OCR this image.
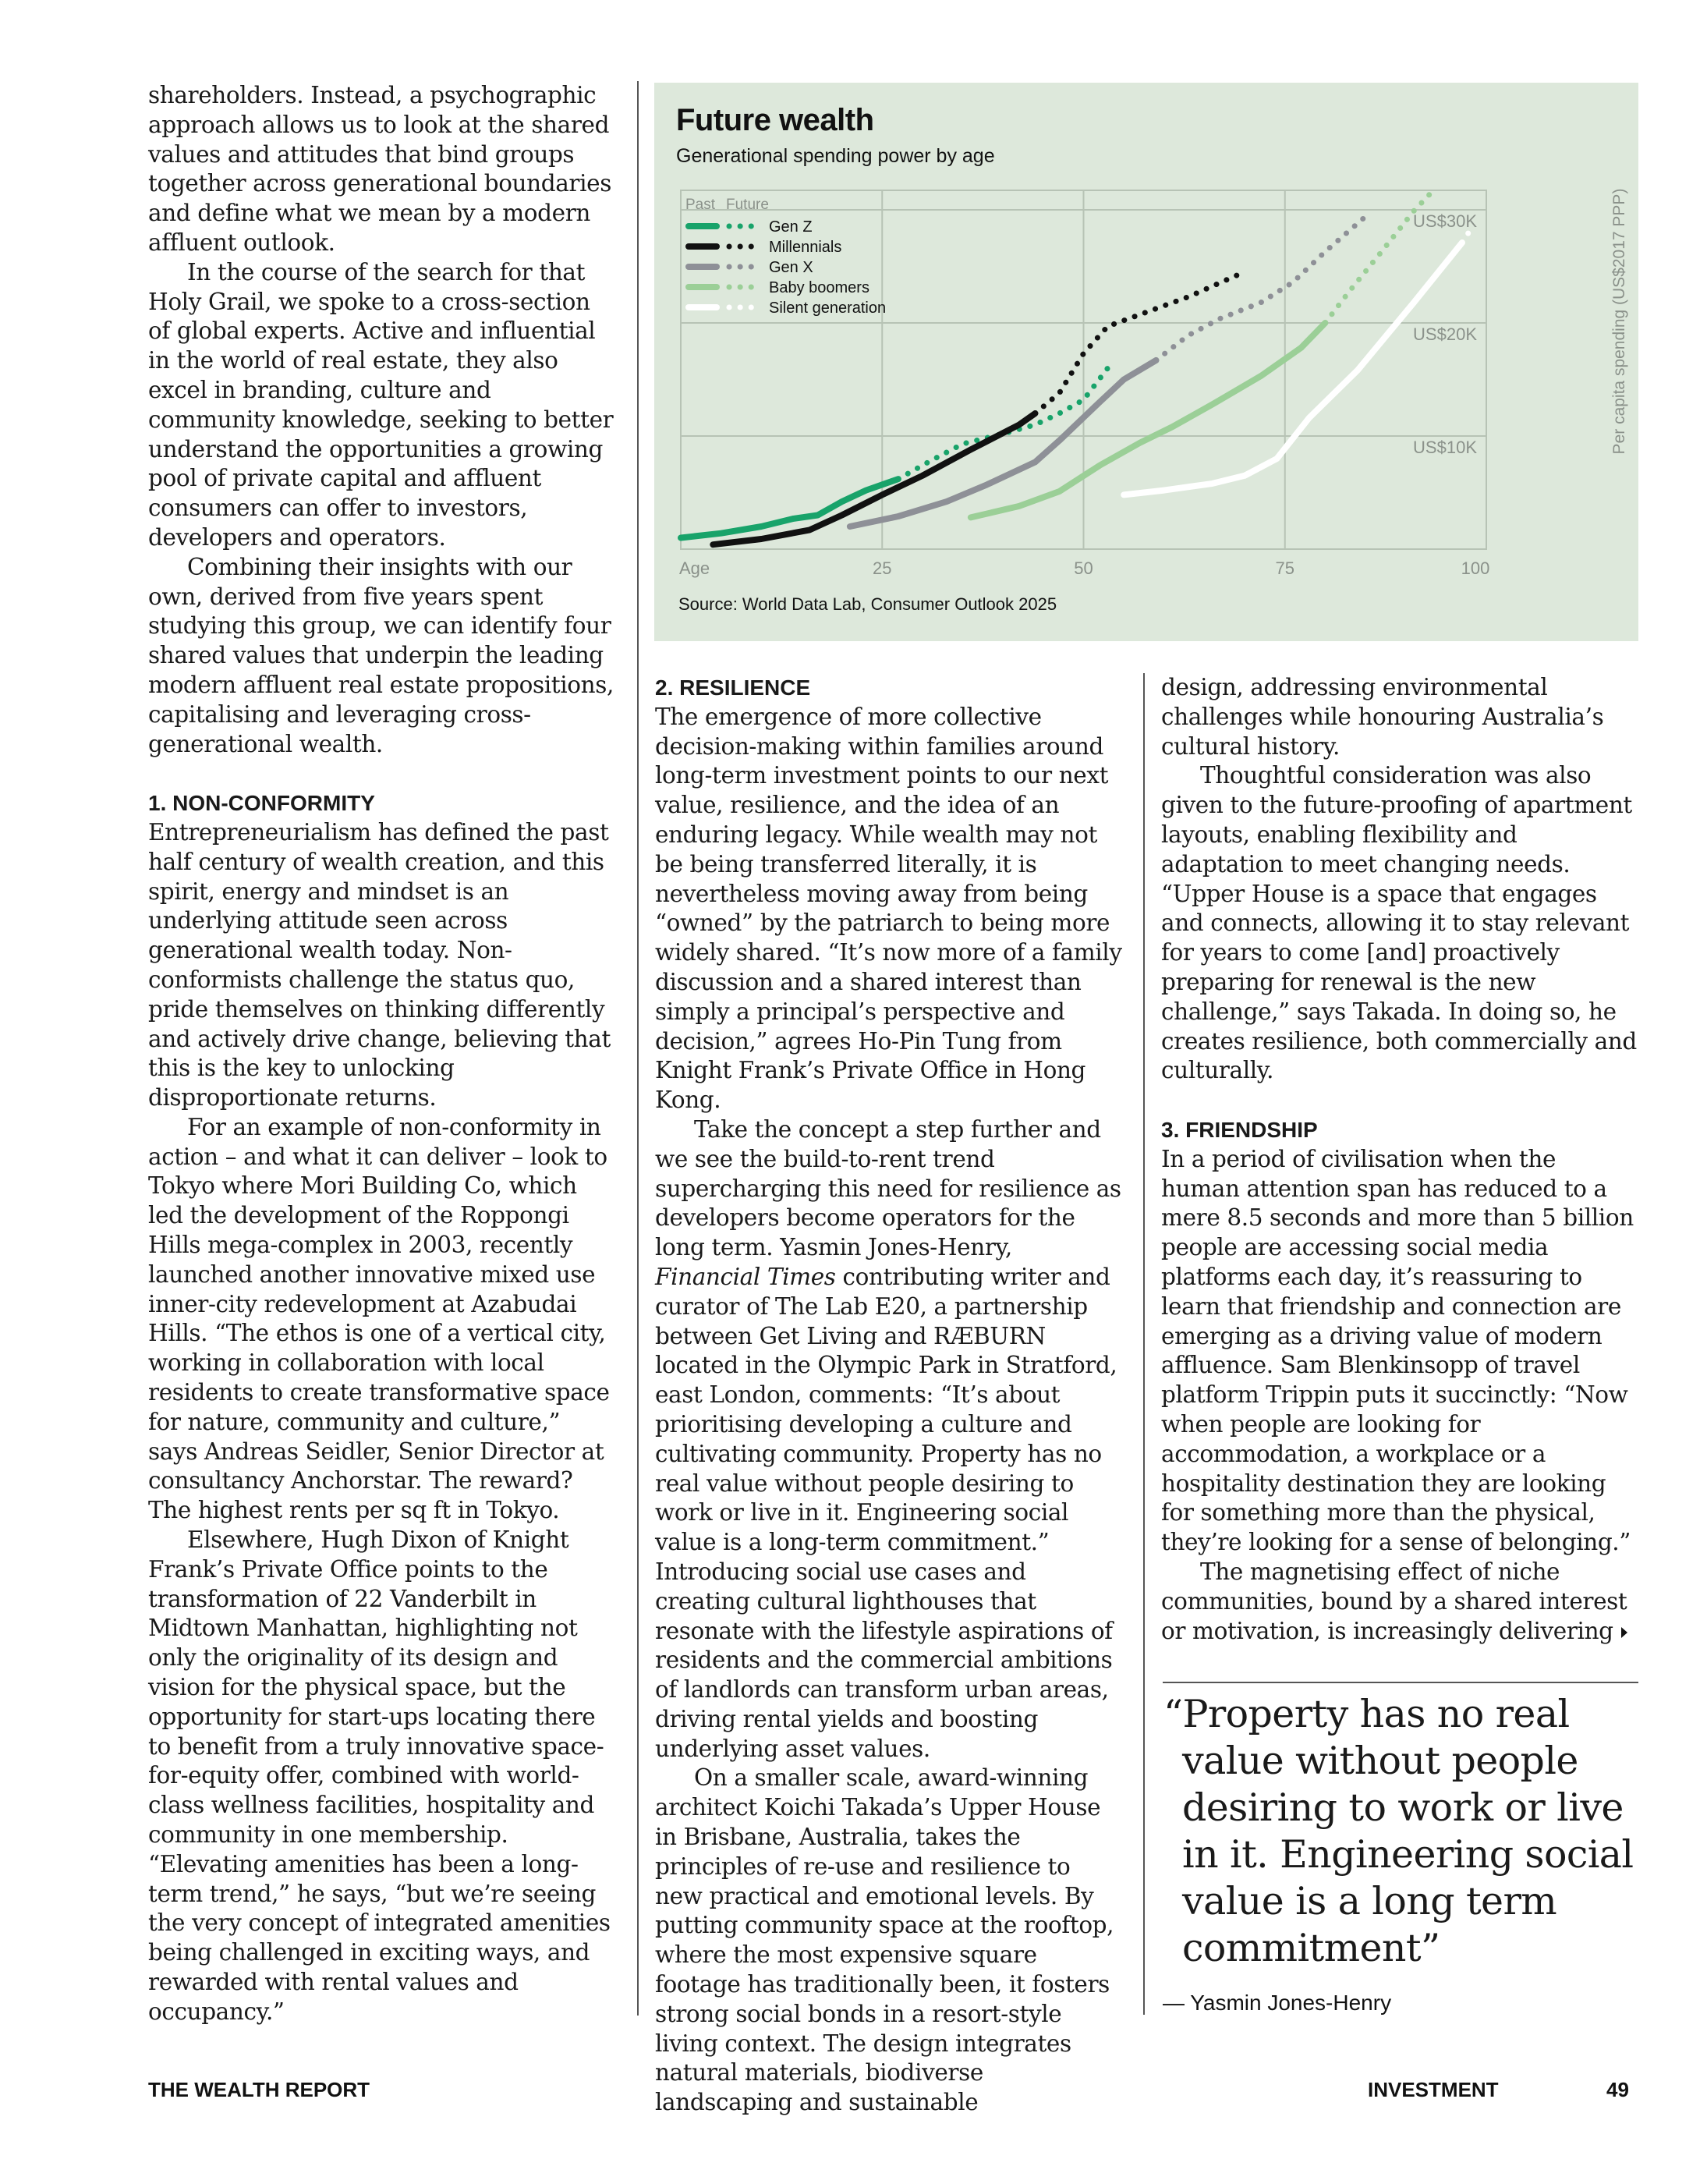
shareholders. Instead, a psychographic approach allows us to look at the shared values and attitudes that bind groups together across generational boundaries and define what we mean by a modern affluent outlook.

In the course of the search for that Holy Grail, we spoke to a cross-section of global experts. Active and influential in the world of real estate, they also excel in branding, culture and community knowledge, seeking to better understand the opportunities a growing pool of private capital and affluent consumers can offer to investors, developers and operators.

Combining their insights with our own, derived from five years spent studying this group, we can identify four shared values that underpin the leading modern affluent real estate propositions, capitalising and leveraging cross-generational wealth.

1. NON-CONFORMITY

Entrepreneurialism has defined the past half century of wealth creation, and this spirit, energy and mindset is an underlying attitude seen across generational wealth today. Non-conformists challenge the status quo, pride themselves on thinking differently and actively drive change, believing that this is the key to unlocking disproportionate returns.

For an example of non-conformity in action – and what it can deliver – look to Tokyo where Mori Building Co, which led the development of the Roppongi Hills mega-complex in 2003, recently launched another innovative mixed use inner-city redevelopment at Azabudai Hills. “The ethos is one of a vertical city, working in collaboration with local residents to create transformative space for nature, community and culture,” says Andreas Seidler, Senior Director at consultancy Anchorstar. The reward? The highest rents per sq ft in Tokyo.

Elsewhere, Hugh Dixon of Knight Frank’s Private Office points to the transformation of 22 Vanderbilt in Midtown Manhattan, highlighting not only the originality of its design and vision for the physical space, but the opportunity for start-ups locating there to benefit from a truly innovative space-for-equity offer, combined with world-class wellness facilities, hospitality and community in one membership. “Elevating amenities has been a long-term trend,” he says, “but we’re seeing the very concept of integrated amenities being challenged in exciting ways, and rewarded with rental values and occupancy.”

Age	25	50	75	100
US$10K
US$20K
US$30K	Per capita spending (US$2017 PPP)
Past Future
Gen Z
Millennials
Gen X
Baby boomers
Silent generation
Future wealth
Generational spending power by age
Source: World Data Lab, Consumer Outlook 2025
2. RESILIENCE

The emergence of more collective decision-making within families around long-term investment points to our next value, resilience, and the idea of an enduring legacy. While wealth may not be being transferred literally, it is nevertheless moving away from being “owned” by the patriarch to being more widely shared. “It’s now more of a family discussion and a shared interest than simply a principal’s perspective and decision,” agrees Ho-Pin Tung from Knight Frank’s Private Office in Hong Kong.

Take the concept a step further and we see the build-to-rent trend supercharging this need for resilience as developers become operators for the long term. Yasmin Jones-Henry, Financial Times contributing writer and curator of The Lab E20, a partnership between Get Living and RÆBURN located in the Olympic Park in Stratford, east London, comments: “It’s about prioritising developing a culture and cultivating community. Property has no real value without people desiring to work or live in it. Engineering social value is a long-term commitment.” Introducing social use cases and creating cultural lighthouses that resonate with the lifestyle aspirations of residents and the commercial ambitions of landlords can transform urban areas, driving rental yields and boosting underlying asset values.

On a smaller scale, award-winning architect Koichi Takada’s Upper House in Brisbane, Australia, takes the principles of re-use and resilience to new practical and emotional levels. By putting community space at the rooftop, where the most expensive square footage has traditionally been, it fosters strong social bonds in a resort-style living context. The design integrates natural materials, biodiverse landscaping and sustainable

design, addressing environmental challenges while honouring Australia’s cultural history.

Thoughtful consideration was also given to the future-proofing of apartment layouts, enabling flexibility and adaptation to meet changing needs. “Upper House is a space that engages and connects, allowing it to stay relevant for years to come [and] proactively preparing for renewal is the new challenge,” says Takada. In doing so, he creates resilience, both commercially and culturally.

3. FRIENDSHIP

In a period of civilisation when the human attention span has reduced to a mere 8.5 seconds and more than 5 billion people are accessing social media platforms each day, it’s reassuring to learn that friendship and connection are emerging as a driving value of modern affluence. Sam Blenkinsopp of travel platform Trippin puts it succinctly: “Now when people are looking for accommodation, a workplace or a hospitality destination they are looking for something more than the physical, they’re looking for a sense of belonging.”

The magnetising effect of niche communities, bound by a shared interest or motivation, is increasingly delivering

“Property has no real value without people desiring to work or live in it. Engineering social value is a long term commitment”
— Yasmin Jones-Henry
THE WEALTH REPORT	INVESTMENT	49
